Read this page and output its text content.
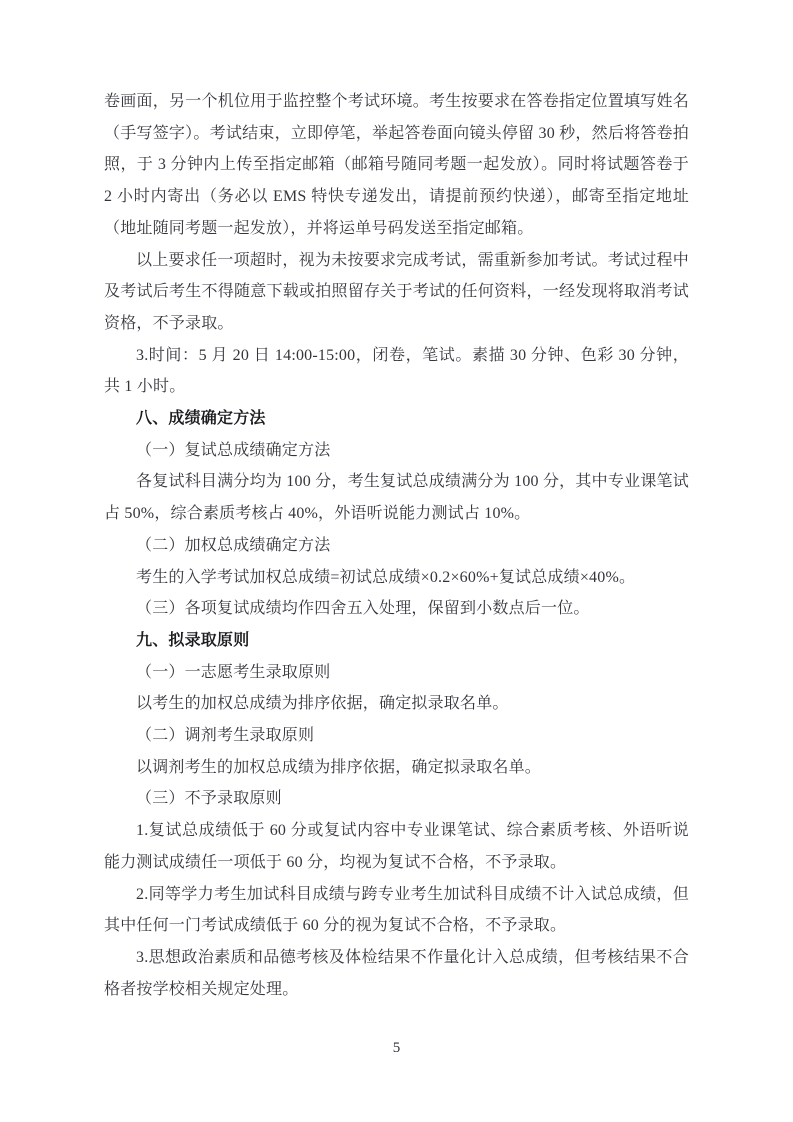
卷画面，另一个机位用于监控整个考试环境。考生按要求在答卷指定位置填写姓名（手写签字）。考试结束，立即停笔，举起答卷面向镜头停留 30 秒，然后将答卷拍照，于 3 分钟内上传至指定邮箱（邮箱号随同考题一起发放）。同时将试题答卷于 2 小时内寄出（务必以 EMS 特快专递发出，请提前预约快递），邮寄至指定地址（地址随同考题一起发放），并将运单号码发送至指定邮箱。

以上要求任一项超时，视为未按要求完成考试，需重新参加考试。考试过程中及考试后考生不得随意下载或拍照留存关于考试的任何资料，一经发现将取消考试资格，不予录取。

3.时间：5 月 20 日 14:00-15:00，闭卷，笔试。素描 30 分钟、色彩 30 分钟，共 1 小时。

八、成绩确定方法

（一）复试总成绩确定方法

各复试科目满分均为 100 分，考生复试总成绩满分为 100 分，其中专业课笔试占 50%，综合素质考核占 40%，外语听说能力测试占 10%。

（二）加权总成绩确定方法

考生的入学考试加权总成绩=初试总成绩×0.2×60%+复试总成绩×40%。

（三）各项复试成绩均作四舍五入处理，保留到小数点后一位。

九、拟录取原则

（一）一志愿考生录取原则

以考生的加权总成绩为排序依据，确定拟录取名单。

（二）调剂考生录取原则

以调剂考生的加权总成绩为排序依据，确定拟录取名单。

（三）不予录取原则

1.复试总成绩低于 60 分或复试内容中专业课笔试、综合素质考核、外语听说能力测试成绩任一项低于 60 分，均视为复试不合格，不予录取。

2.同等学力考生加试科目成绩与跨专业考生加试科目成绩不计入试总成绩，但其中任何一门考试成绩低于 60 分的视为复试不合格，不予录取。

3.思想政治素质和品德考核及体检结果不作量化计入总成绩，但考核结果不合格者按学校相关规定处理。

5
